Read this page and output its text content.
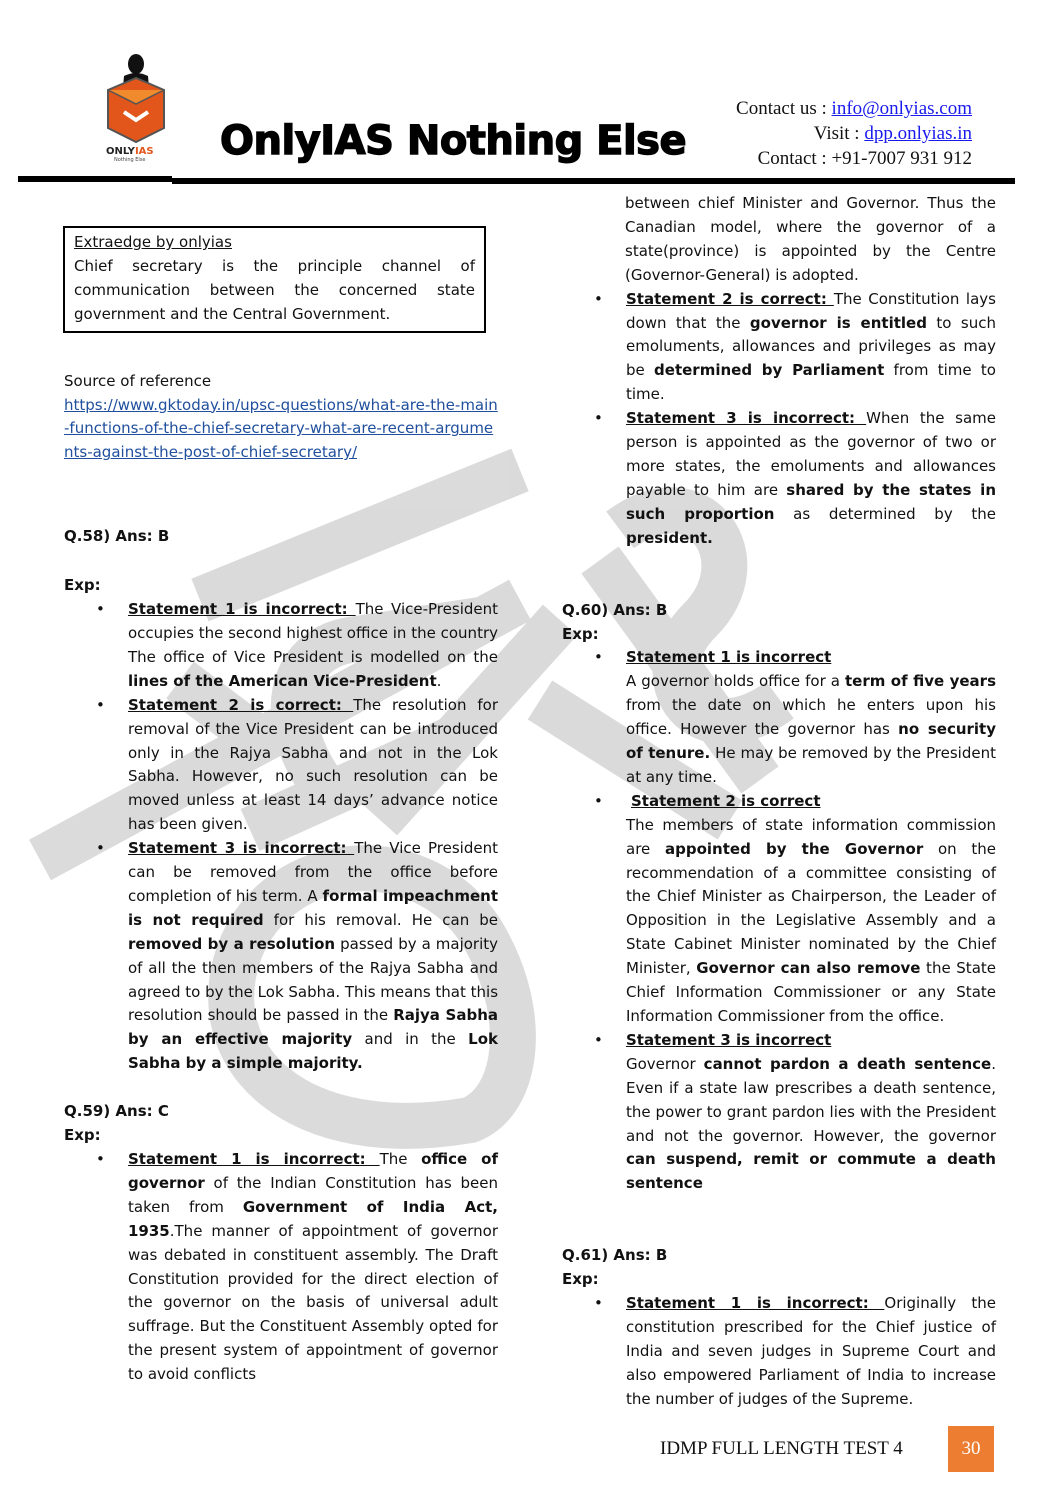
ONLYIAS
Nothing Else OnlyIAS Nothing Else
Contact us : info@onlyias.com
Visit : dpp.onlyias.in
Contact : +91-7007 931 912
Extraedge by onlyias
Chief secretary is the principle channel of communication between the concerned state government and the Central Government.
Source of reference
https://www.gktoday.in/upsc-questions/what-are-the-main-functions-of-the-chief-secretary-what-are-recent-arguments-against-the-post-of-chief-secretary/
Q.58) Ans: B
Exp:
• Statement 1 is incorrect: The Vice-President occupies the second highest office in the country The office of Vice President is modelled on the lines of the American Vice-President.
• Statement 2 is correct: The resolution for removal of the Vice President can be introduced only in the Rajya Sabha and not in the Lok Sabha. However, no such resolution can be moved unless at least 14 days’ advance notice has been given.
• Statement 3 is incorrect: The Vice President can be removed from the office before completion of his term. A formal impeachment is not required for his removal. He can be removed by a resolution passed by a majority of all the then members of the Rajya Sabha and agreed to by the Lok Sabha. This means that this resolution should be passed in the Rajya Sabha by an effective majority and in the Lok Sabha by a simple majority.
Q.59) Ans: C
Exp:
• Statement 1 is incorrect: The office of governor of the Indian Constitution has been taken from Government of India Act, 1935.The manner of appointment of governor was debated in constituent assembly. The Draft Constitution provided for the direct election of the governor on the basis of universal adult suffrage. But the Constituent Assembly opted for the present system of appointment of governor to avoid conflicts
between chief Minister and Governor. Thus the Canadian model, where the governor of a state(province) is appointed by the Centre (Governor-General) is adopted.
• Statement 2 is correct: The Constitution lays down that the governor is entitled to such emoluments, allowances and privileges as may be determined by Parliament from time to time.
• Statement 3 is incorrect: When the same person is appointed as the governor of two or more states, the emoluments and allowances payable to him are shared by the states in such proportion as determined by the president.
Q.60) Ans: B
Exp:
• Statement 1 is incorrect
A governor holds office for a term of five years from the date on which he enters upon his office. However the governor has no security of tenure. He may be removed by the President at any time.
• Statement 2 is correct
The members of state information commission are appointed by the Governor on the recommendation of a committee consisting of the Chief Minister as Chairperson, the Leader of Opposition in the Legislative Assembly and a State Cabinet Minister nominated by the Chief Minister, Governor can also remove the State Chief Information Commissioner or any State Information Commissioner from the office.
• Statement 3 is incorrect
Governor cannot pardon a death sentence. Even if a state law prescribes a death sentence, the power to grant pardon lies with the President and not the governor. However, the governor can suspend, remit or commute a death sentence
Q.61) Ans: B
Exp:
• Statement 1 is incorrect: Originally the constitution prescribed for the Chief justice of India and seven judges in Supreme Court and also empowered Parliament of India to increase the number of judges of the Supreme.
IDMP FULL LENGTH TEST 4	30
